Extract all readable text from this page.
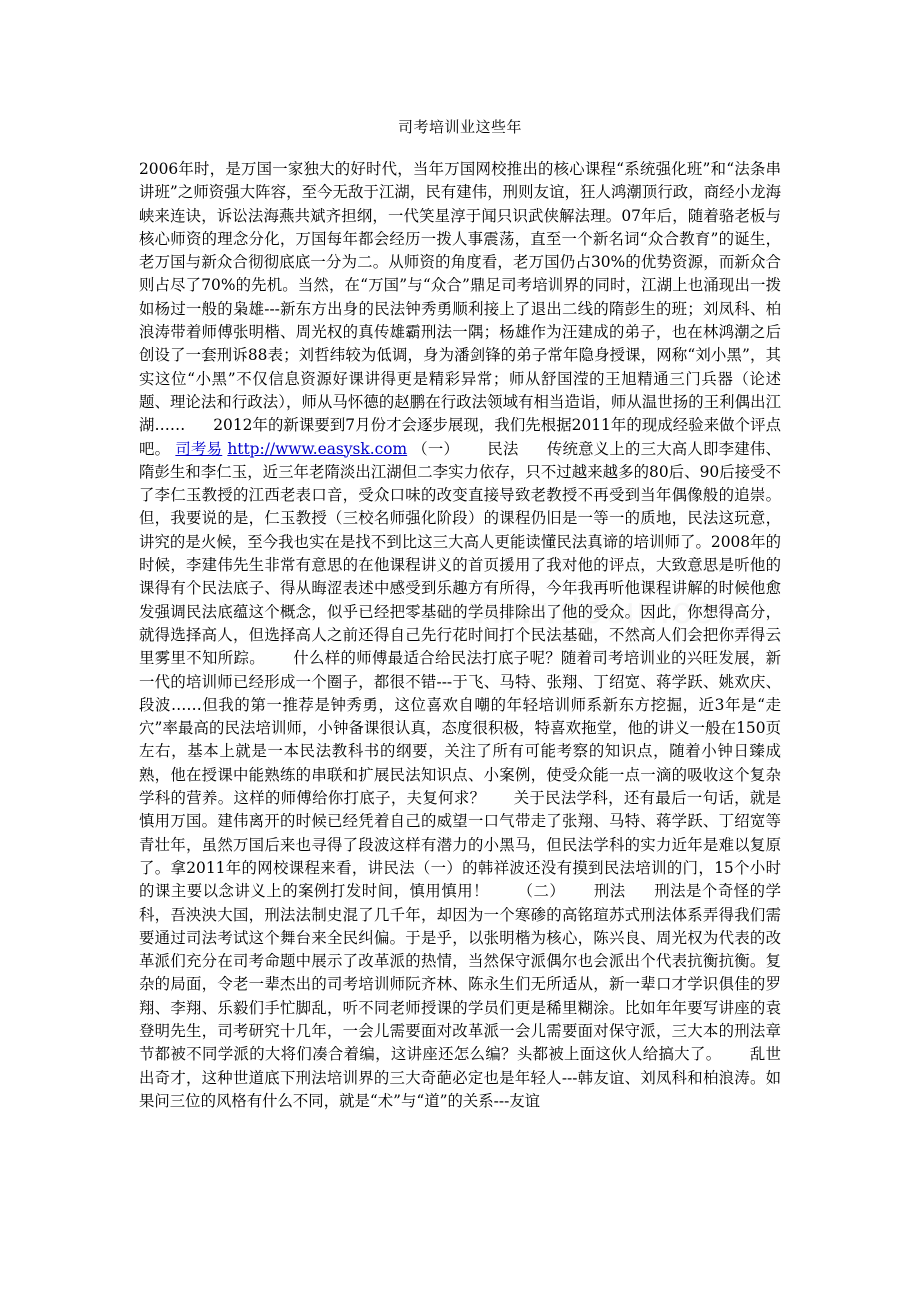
司考培训业这些年

2006年时，是万国一家独大的好时代，当年万国网校推出的核心课程“系统强化班”和“法条串讲班”之师资强大阵容，至今无敌于江湖，民有建伟，刑则友谊，狂人鸿潮顶行政，商经小龙海峡来连诀，诉讼法海燕共斌齐担纲，一代笑星淳于闻只识武侠解法理。07年后，随着骆老板与核心师资的理念分化，万国每年都会经历一拨人事震荡，直至一个新名词“众合教育”的诞生，老万国与新众合彻彻底底一分为二。从师资的角度看，老万国仍占30%的优势资源，而新众合则占尽了70%的先机。当然，在“万国”与“众合”鼎足司考培训界的同时，江湖上也涌现出一拨如杨过一般的枭雄---新东方出身的民法钟秀勇顺利接上了退出二线的隋彭生的班；刘凤科、柏浪涛带着师傅张明楷、周光权的真传雄霸刑法一隅；杨雄作为汪建成的弟子，也在林鸿潮之后创设了一套刑诉88表；刘哲纬较为低调，身为潘剑锋的弟子常年隐身授课，网称“刘小黑”，其实这位“小黑”不仅信息资源好课讲得更是精彩异常；师从舒国滢的王旭精通三门兵器（论述题、理论法和行政法），师从马怀德的赵鹏在行政法领域有相当造诣，师从温世扬的王利偶出江湖…… 2012年的新课要到7月份才会逐步展现，我们先根据2011年的现成经验来做个评点吧。 司考易 http://www.easysk.com （一） 民法 传统意义上的三大高人即李建伟、隋彭生和李仁玉，近三年老隋淡出江湖但二李实力依存，只不过越来越多的80后、90后接受不了李仁玉教授的江西老表口音，受众口味的改变直接导致老教授不再受到当年偶像般的追崇。但，我要说的是，仁玉教授（三校名师强化阶段）的课程仍旧是一等一的质地，民法这玩意，讲究的是火候，至今我也实在是找不到比这三大高人更能读懂民法真谛的培训师了。2008年的时候，李建伟先生非常有意思的在他课程讲义的首页援用了我对他的评点，大致意思是听他的课得有个民法底子、得从晦涩表述中感受到乐趣方有所得，今年我再听他课程讲解的时候他愈发强调民法底蕴这个概念，似乎已经把零基础的学员排除出了他的受众。因此，你想得高分，就得选择高人，但选择高人之前还得自己先行花时间打个民法基础，不然高人们会把你弄得云里雾里不知所踪。 什么样的师傅最适合给民法打底子呢？随着司考培训业的兴旺发展，新一代的培训师已经形成一个圈子，都很不错---于飞、马特、张翔、丁绍宽、蒋学跃、姚欢庆、段波……但我的第一推荐是钟秀勇，这位喜欢自嘲的年轻培训师系新东方挖掘，近3年是“走穴”率最高的民法培训师，小钟备课很认真，态度很积极，特喜欢拖堂，他的讲义一般在150页左右，基本上就是一本民法教科书的纲要，关注了所有可能考察的知识点，随着小钟日臻成熟，他在授课中能熟练的串联和扩展民法知识点、小案例，使受众能一点一滴的吸收这个复杂学科的营养。这样的师傅给你打底子，夫复何求？ 关于民法学科，还有最后一句话，就是慎用万国。建伟离开的时候已经凭着自己的威望一口气带走了张翔、马特、蒋学跃、丁绍宽等青壮年，虽然万国后来也寻得了段波这样有潜力的小黑马，但民法学科的实力近年是难以复原了。拿2011年的网校课程来看，讲民法（一）的韩祥波还没有摸到民法培训的门，15个小时的课主要以念讲义上的案例打发时间，慎用慎用！ （二） 刑法 刑法是个奇怪的学科，吾泱泱大国，刑法法制史混了几千年，却因为一个寒碜的高铭瑄苏式刑法体系弄得我们需要通过司法考试这个舞台来全民纠偏。于是乎，以张明楷为核心，陈兴良、周光权为代表的改革派们充分在司考命题中展示了改革派的热情，当然保守派偶尔也会派出个代表抗衡抗衡。复杂的局面，令老一辈杰出的司考培训师阮齐林、陈永生们无所适从，新一辈口才学识俱佳的罗翔、李翔、乐毅们手忙脚乱，听不同老师授课的学员们更是稀里糊涂。比如年年要写讲座的袁登明先生，司考研究十几年，一会儿需要面对改革派一会儿需要面对保守派，三大本的刑法章节都被不同学派的大将们凑合着编，这讲座还怎么编？头都被上面这伙人给搞大了。 乱世出奇才，这种世道底下刑法培训界的三大奇葩必定也是年轻人---韩友谊、刘凤科和柏浪涛。如果问三位的风格有什么不同，就是“术”与“道”的关系---友谊
